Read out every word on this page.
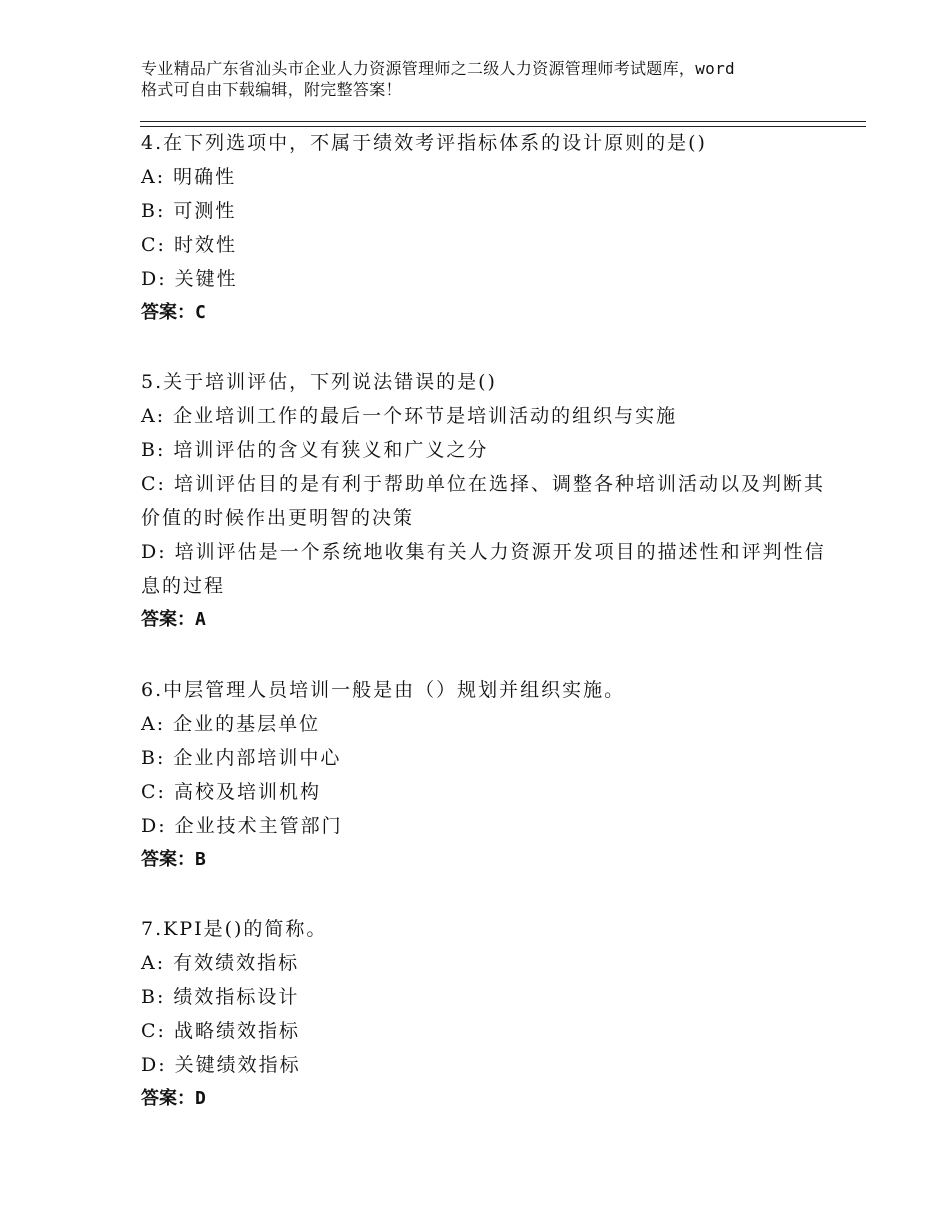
专业精品广东省汕头市企业人力资源管理师之二级人力资源管理师考试题库，word
格式可自由下载编辑，附完整答案！

4.在下列选项中，不属于绩效考评指标体系的设计原则的是()

A: 明确性

B: 可测性

C: 时效性

D: 关键性

答案：C

5.关于培训评估，下列说法错误的是()

A: 企业培训工作的最后一个环节是培训活动的组织与实施

B: 培训评估的含义有狭义和广义之分

C: 培训评估目的是有利于帮助单位在选择、调整各种培训活动以及判断其价值的时候作出更明智的决策

D: 培训评估是一个系统地收集有关人力资源开发项目的描述性和评判性信息的过程

答案：A

6.中层管理人员培训一般是由（）规划并组织实施。

A: 企业的基层单位

B: 企业内部培训中心

C: 高校及培训机构

D: 企业技术主管部门

答案：B

7.KPI是()的简称。

A: 有效绩效指标

B: 绩效指标设计

C: 战略绩效指标

D: 关键绩效指标

答案：D
